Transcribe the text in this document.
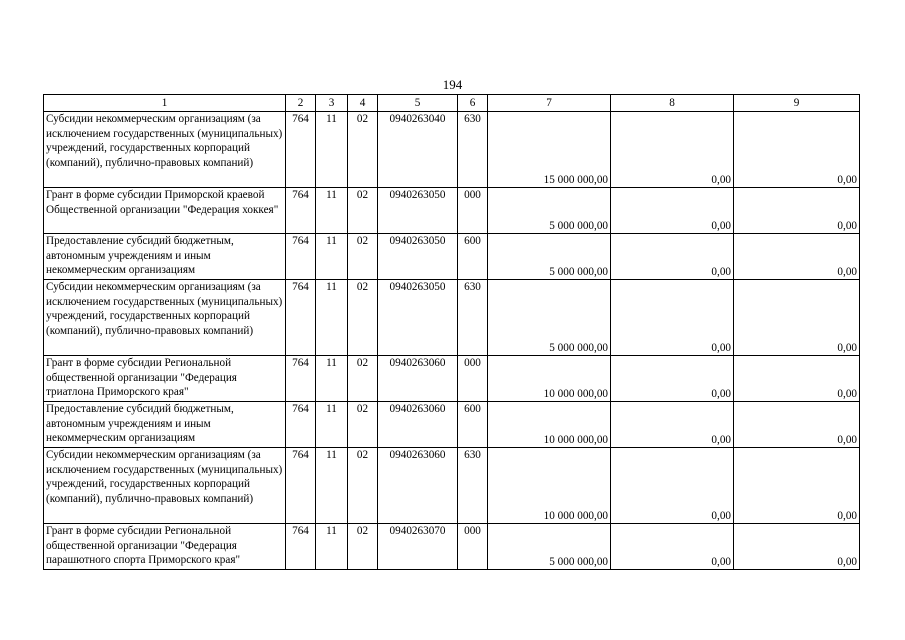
194
1	2	3	4	5	6	7	8	9
Субсидии некоммерческим организациям (за исключением государственных (муниципальных) учреждений, государственных корпораций (компаний), публично-правовых компаний)	764	11	02	0940263040	630	15 000 000,00	0,00	0,00
Грант в форме субсидии Приморской краевой Общественной организации "Федерация хоккея"	764	11	02	0940263050	000	5 000 000,00	0,00	0,00
Предоставление субсидий бюджетным, автономным учреждениям и иным некоммерческим организациям	764	11	02	0940263050	600	5 000 000,00	0,00	0,00
Субсидии некоммерческим организациям (за исключением государственных (муниципальных) учреждений, государственных корпораций (компаний), публично-правовых компаний)	764	11	02	0940263050	630	5 000 000,00	0,00	0,00
Грант в форме субсидии Региональной общественной организации "Федерация триатлона Приморского края"	764	11	02	0940263060	000	10 000 000,00	0,00	0,00
Предоставление субсидий бюджетным, автономным учреждениям и иным некоммерческим организациям	764	11	02	0940263060	600	10 000 000,00	0,00	0,00
Субсидии некоммерческим организациям (за исключением государственных (муниципальных) учреждений, государственных корпораций (компаний), публично-правовых компаний)	764	11	02	0940263060	630	10 000 000,00	0,00	0,00
Грант в форме субсидии Региональной общественной организации "Федерация парашютного спорта Приморского края"	764	11	02	0940263070	000	5 000 000,00	0,00	0,00
